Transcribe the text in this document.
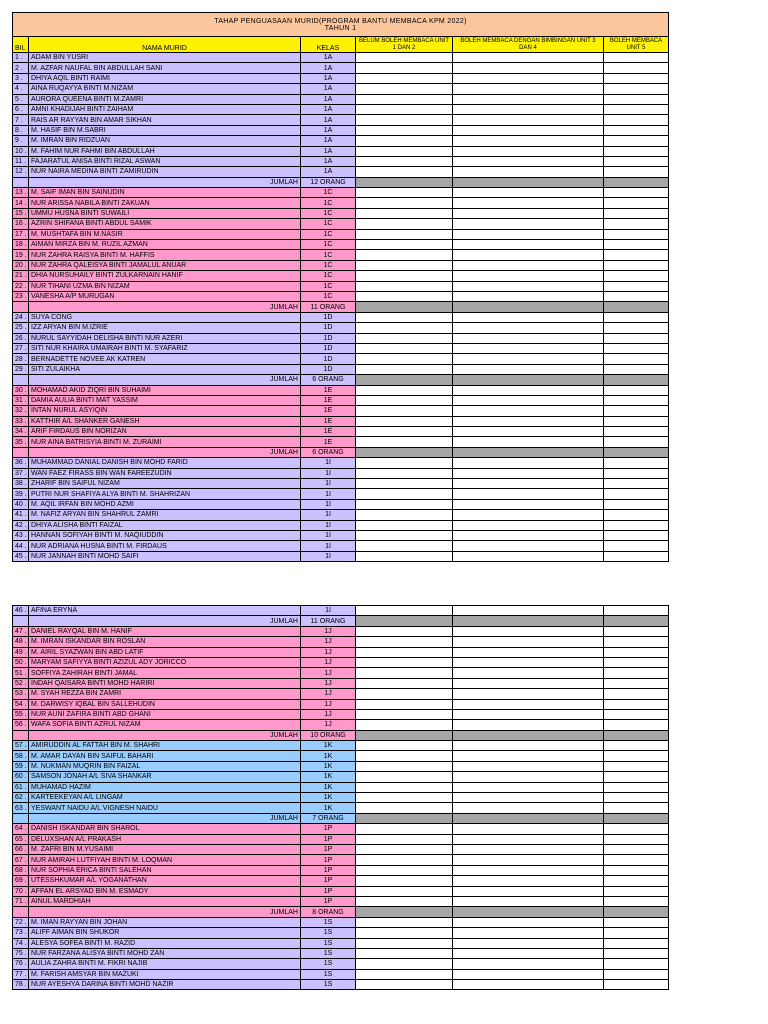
TAHAP PENGUASAAN MURID(PROGRAM BANTU MEMBACA KPM 2022)
TAHUN 1					
BIL	NAMA MURID	KELAS	BELUM BOLEH MEMBACA UNIT 1 DAN 2	BOLEH MEMBACA DENGAN BIMBINGAN UNIT 3 DAN 4	BOLEH MEMBACA UNIT 5
1 .	ADAM BIN YUSRI	1A			
2 .	M. AZFAR NAUFAL BIN ABDULLAH SANI	1A			
3 .	DHIYA AQIL BINTI RAIMI	1A			
4 .	AINA RUQAYYA BINTI M.NIZAM	1A			
5 .	AURORA QUEENA BINTI M.ZAMRI	1A			
6 .	AMNI KHADIJAH BINTI ZAIHAM	1A			
7 .	RAIS AR RAYYAN BIN AMAR SIKHAN	1A			
8 .	M. HASIF BIN M.SABRI	1A			
9 .	M. IMRAN BIN RIDZUAN	1A			
10 .	M. FAHIM NUR FAHMI BIN ABDULLAH	1A			
11 .	FAJARATUL ANISA BINTI RIZAL ASWAN	1A			
12 .	NUR NAIRA MEDINA BINTI ZAMIRUDIN	1A			
	JUMLAH	12 ORANG			
13 .	M. SAIF IMAN BIN SAINUDIN	1C			
14 .	NUR ARISSA NABILA BINTI ZAKUAN	1C			
15 .	UMMU HUSNA BINTI SUWAILI	1C			
16 .	AZRIN SHIFANA BINTI ABDUL SAMIK	1C			
17 .	M. MUSHTAFA BIN M.NASIR	1C			
18 .	AIMAN MIRZA BIN M. RUZIL AZMAN	1C			
19 .	NUR ZAHRA RAISYA BINTI M. HAFFIS	1C			
20 .	NUR ZAHRA QALEISYA BINTI JAMALUL ANUAR	1C			
21 .	DHIA NURSUHAILY BINTI ZULKARNAIN HANIF	1C			
22 .	NUR TIHANI UZMA BIN NIZAM	1C			
23 .	VANESHA A/P MURUGAN	1C			
	JUMLAH	11 ORANG			
24 .	SUYA CONG	1D			
25 .	IZZ ARYAN BIN M.IZRIE	1D			
26 .	NURUL SAYYIDAH DELISHA BINTI NUR AZERI	1D			
27 .	SITI NUR KHAIRA UMAIRAH BINTI M. SYAFARIZ	1D			
28 .	BERNADETTE NOVEE AK KATREN	1D			
29 .	SITI ZULAIKHA	1D			
	JUMLAH	6 ORANG			
30 .	MOHAMAD AKID ZIQRI BIN SUHAIMI	1E			
31 .	DAMIA AULIA BINTI MAT YASSIM	1E			
32 .	INTAN NURUL ASYIQIN	1E			
33 .	KATTHIR A/L SHANKER GANESH	1E			
34 .	ARIF FIRDAUS BIN NORIZAN	1E			
35 .	NUR AINA BATRISYIA BINTI M. ZURAIMI	1E			
	JUMLAH	6 ORANG			
36 .	MUHAMMAD DANIAL DANISH BIN MOHD FARID	1I			
37 .	WAN FAEZ FIRASS BIN WAN FAREEZUDIN	1I			
38 .	ZHARIF BIN SAIFUL NIZAM	1I			
39 .	PUTRI NUR SHAFIYA ALYA BINTI M. SHAHRIZAN	1I			
40 .	M. AQIL IRFAN BIN MOHD AZMI	1I			
41 .	M. NAFIZ ARYAN BIN SHAHRUL ZAMRI	1I			
42 .	DHIYA ALISHA BINTI FAIZAL	1I			
43 .	HANNAN SOFIYAH BINTI M. NAQIUDDIN	1I			
44 .	NUR ADRIANA HUSNA BINTI M. FIRDAUS	1I			
45 .	NUR JANNAH BINTI MOHD SAIFI	1I			
46 .	AFINA ERYNA	1I			
	JUMLAH	11 ORANG			
47 .	DANIEL RAYQAL BIN M. HANIF	1J			
48 .	M. IMRAN ISKANDAR BIN ROSLAN	1J			
49 .	M. AIRIL SYAZWAN BIN ABD LATIF	1J			
50 .	MARYAM SAFIYYA BINTI AZIZUL ADY JORICCO	1J			
51 .	SOFFIYA ZAHIRAH BINTI JAMAL	1J			
52 .	INDAH QAISARA BINTI MOHD HARIRI	1J			
53 .	M. SYAH REZZA BIN ZAMRI	1J			
54 .	M. DARWISY IQBAL BIN SALLEHUDIN	1J			
55 .	NUR AUNI ZAFIRA BINTI ABD GHANI	1J			
56 .	WAFA SOFIA BINTI AZRUL NIZAM	1J			
	JUMLAH	10 ORANG			
57 .	AMIRUDDIN AL FATTAH BIN M. SHAHRI	1K			
58 .	M. AMAR DAYAN BIN SAIFUL BAHARI	1K			
59 .	M. NUKMAN MUQRIN BIN FAIZAL	1K			
60 .	SAMSON JONAH A/L SIVA SHANKAR	1K			
61 .	MUHAMAD HAZIM	1K			
62 .	KARTEEKEYAN A/L LINGAM	1K			
63 .	YESWANT NAIDU A/L VIGNESH NAIDU	1K			
	JUMLAH	7 ORANG			
64 .	DANISH ISKANDAR BIN SHAROL	1P			
65 .	DELUXSHAN A/L PRAKASH	1P			
66 .	M. ZAFRI BIN M.YUSAIMI	1P			
67 .	NUR AMIRAH LUTFIYAH BINTI M. LOQMAN	1P			
68 .	NUR SOPHIA ERICA BINTI SALEHAN	1P			
69 .	UTESSHKUMAR A/L YOGANATHAN	1P			
70 .	AFFAN EL ARSYAD BIN M. ESMADY	1P			
71 .	AINUL MARDHIAH	1P			
	JUMLAH	8 ORANG			
72 .	M. IMAN RAYYAN BIN JOHAN	1S			
73 .	ALIFF AIMAN BIN SHUKOR	1S			
74 .	ALESYA SOFEA BINTI M. RAZID	1S			
75 .	NUR FARZANA ALISYA BINTI MOHD ZAN	1S			
76 .	AULIA ZAHRA BINTI M. FIKRI NAJIB	1S			
77 .	M. FARISH AMSYAR BIN MAZUKI	1S			
78 .	NUR AYESHYA DARINA BINTI MOHD NAZIR	1S			
